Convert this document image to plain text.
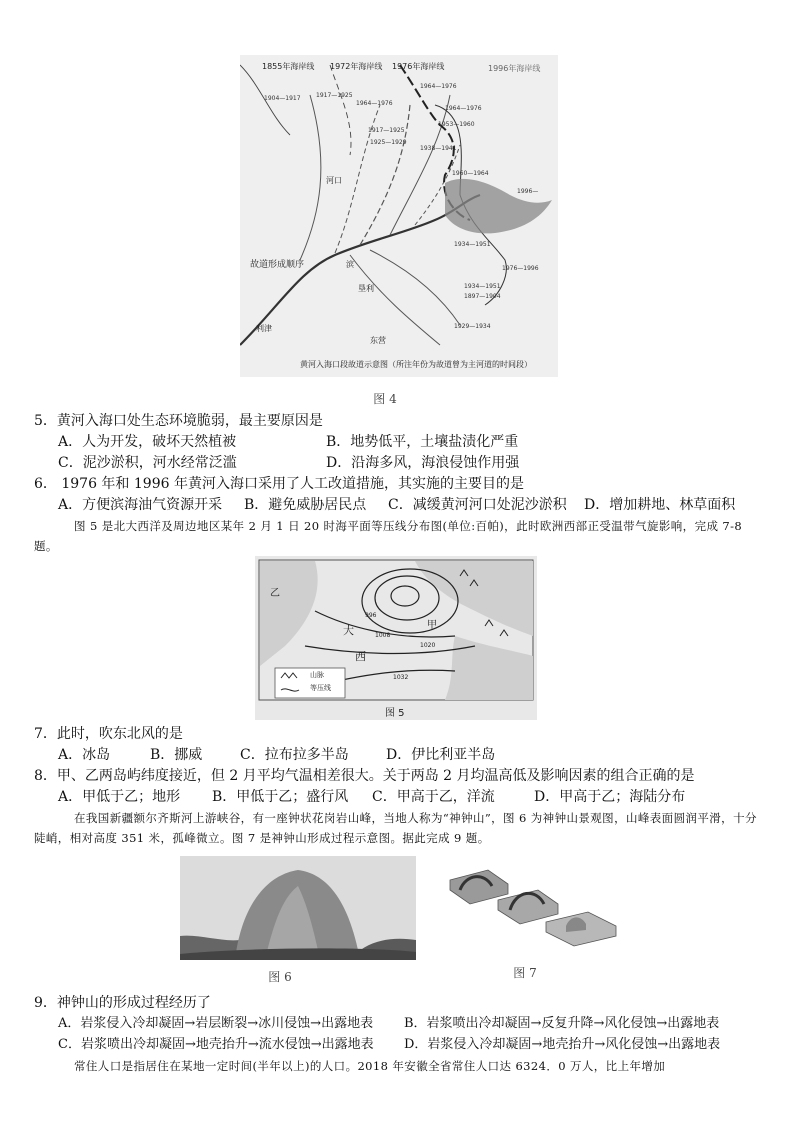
1855年海岸线 1972年海岸线 1976年海岸线	1996年海岸线
河口
故道形成顺序	滨
垦利
利津
东营
1904—1917	1917—1925
1964—1976
1964—1976
1964—1976
1917—1925
1953—1960
1925—1929
1938—1941
1960—1964
1996—
1934—1951
1976—1996
1934—1951
1897—1904
1929—1934
黄河入海口段故道示意图（所注年份为故道曾为主河道的时间段）
图 4
5．黄河入海口处生态环境脆弱，最主要原因是
A．人为开发，破坏天然植被	B．地势低平，土壤盐渍化严重
C．泥沙淤积，河水经常泛滥	D．沿海多风，海浪侵蚀作用强
6． 1976 年和 1996 年黄河入海口采用了人工改道措施，其实施的主要目的是
A．方便滨海油气资源开采 B．避免威胁居民点 C．减缓黄河河口处泥沙淤积 D．增加耕地、林草面积
图 5 是北大西洋及周边地区某年 2 月 1 日 20 时海平面等压线分布图(单位:百帕)，此时欧洲西部正受温带气旋影响，完成 7-8 题。
996
1008
1020
1032
大
西
甲
乙
山脉
等压线
图 5
7．此时，吹东北风的是
A．冰岛	B．挪威	C．拉布拉多半岛	D．伊比利亚半岛
8．甲、乙两岛屿纬度接近，但 2 月平均气温相差很大。关于两岛 2 月均温高低及影响因素的组合正确的是
A．甲低于乙；地形 B．甲低于乙；盛行风 C．甲高于乙，洋流	D．甲高于乙；海陆分布
在我国新疆额尔齐斯河上游峡谷，有一座钟状花岗岩山峰，当地人称为“神钟山”，图 6 为神钟山景观图，山峰表面圆润平滑，十分陡峭，相对高度 351 米，孤峰微立。图 7 是神钟山形成过程示意图。据此完成 9 题。
图 6	图 7
9．神钟山的形成过程经历了
A．岩浆侵入冷却凝固→岩层断裂→冰川侵蚀→出露地表 B．岩浆喷出冷却凝固→反复升降→风化侵蚀→出露地表
C．岩浆喷出冷却凝固→地壳抬升→流水侵蚀→出露地表 D．岩浆侵入冷却凝固→地壳抬升→风化侵蚀→出露地表
常住人口是指居住在某地一定时间(半年以上)的人口。2018 年安徽全省常住人口达 6324．0 万人，比上年增加
